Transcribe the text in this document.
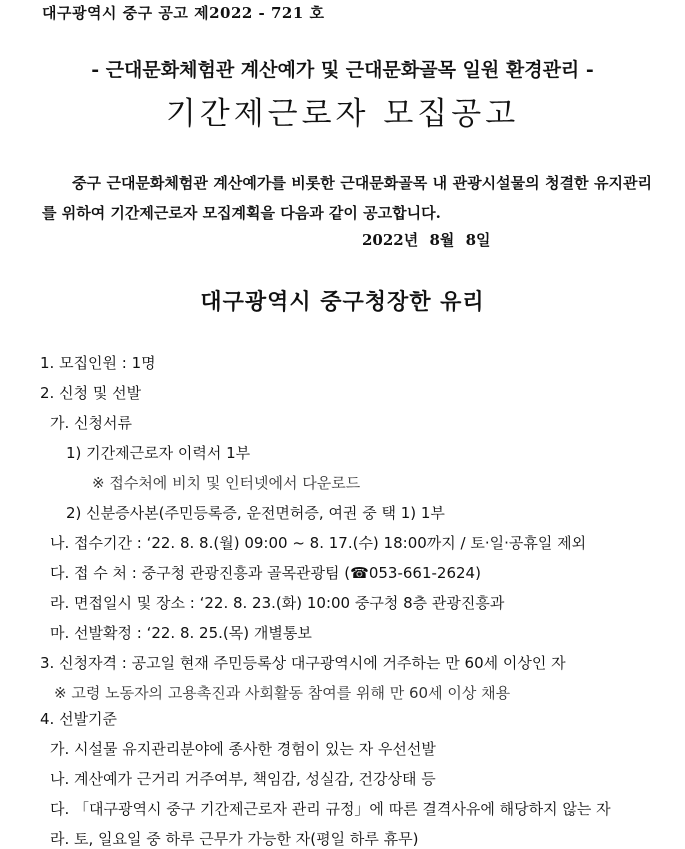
대구광역시 중구 공고 제2022 - 721 호
- 근대문화체험관 계산예가 및 근대문화골목 일원 환경관리 -
기간제근로자 모집공고
중구 근대문화체험관 계산예가를 비롯한 근대문화골목 내 관광시설물의 청결한 유지관리를 위하여 기간제근로자 모집계획을 다음과 같이 공고합니다.
2022년 8월 8일
대구광역시 중구청장한 유리
1. 모집인원 : 1명
2. 신청 및 선발
가. 신청서류
1) 기간제근로자 이력서 1부
※ 접수처에 비치 및 인터넷에서 다운로드
2) 신분증사본(주민등록증, 운전면허증, 여권 중 택 1) 1부
나. 접수기간 : ‘22. 8. 8.(월) 09:00 ~ 8. 17.(수) 18:00까지 / 토·일·공휴일 제외
다. 접 수 처 : 중구청 관광진흥과 골목관광팀 (☎053-661-2624)
라. 면접일시 및 장소 : ‘22. 8. 23.(화) 10:00 중구청 8층 관광진흥과
마. 선발확정 : ‘22. 8. 25.(목) 개별통보
3. 신청자격 : 공고일 현재 주민등록상 대구광역시에 거주하는 만 60세 이상인 자
※ 고령 노동자의 고용촉진과 사회활동 참여를 위해 만 60세 이상 채용
4. 선발기준
가. 시설물 유지관리분야에 종사한 경험이 있는 자 우선선발
나. 계산예가 근거리 거주여부, 책임감, 성실감, 건강상태 등
다. 「대구광역시 중구 기간제근로자 관리 규정」에 따른 결격사유에 해당하지 않는 자
라. 토, 일요일 중 하루 근무가 가능한 자(평일 하루 휴무)
